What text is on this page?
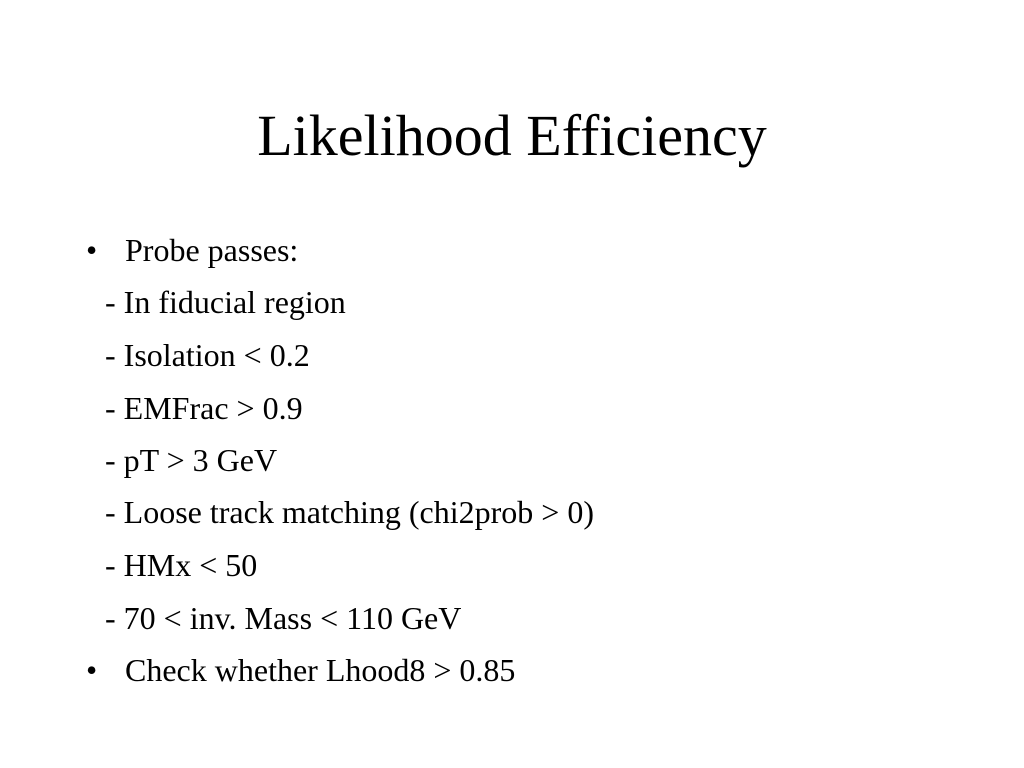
Likelihood Efficiency
• Probe passes:
- In fiducial region
- Isolation < 0.2
- EMFrac > 0.9
- pT > 3 GeV
- Loose track matching (chi2prob > 0)
- HMx < 50
- 70 < inv. Mass < 110 GeV
• Check whether Lhood8 > 0.85
